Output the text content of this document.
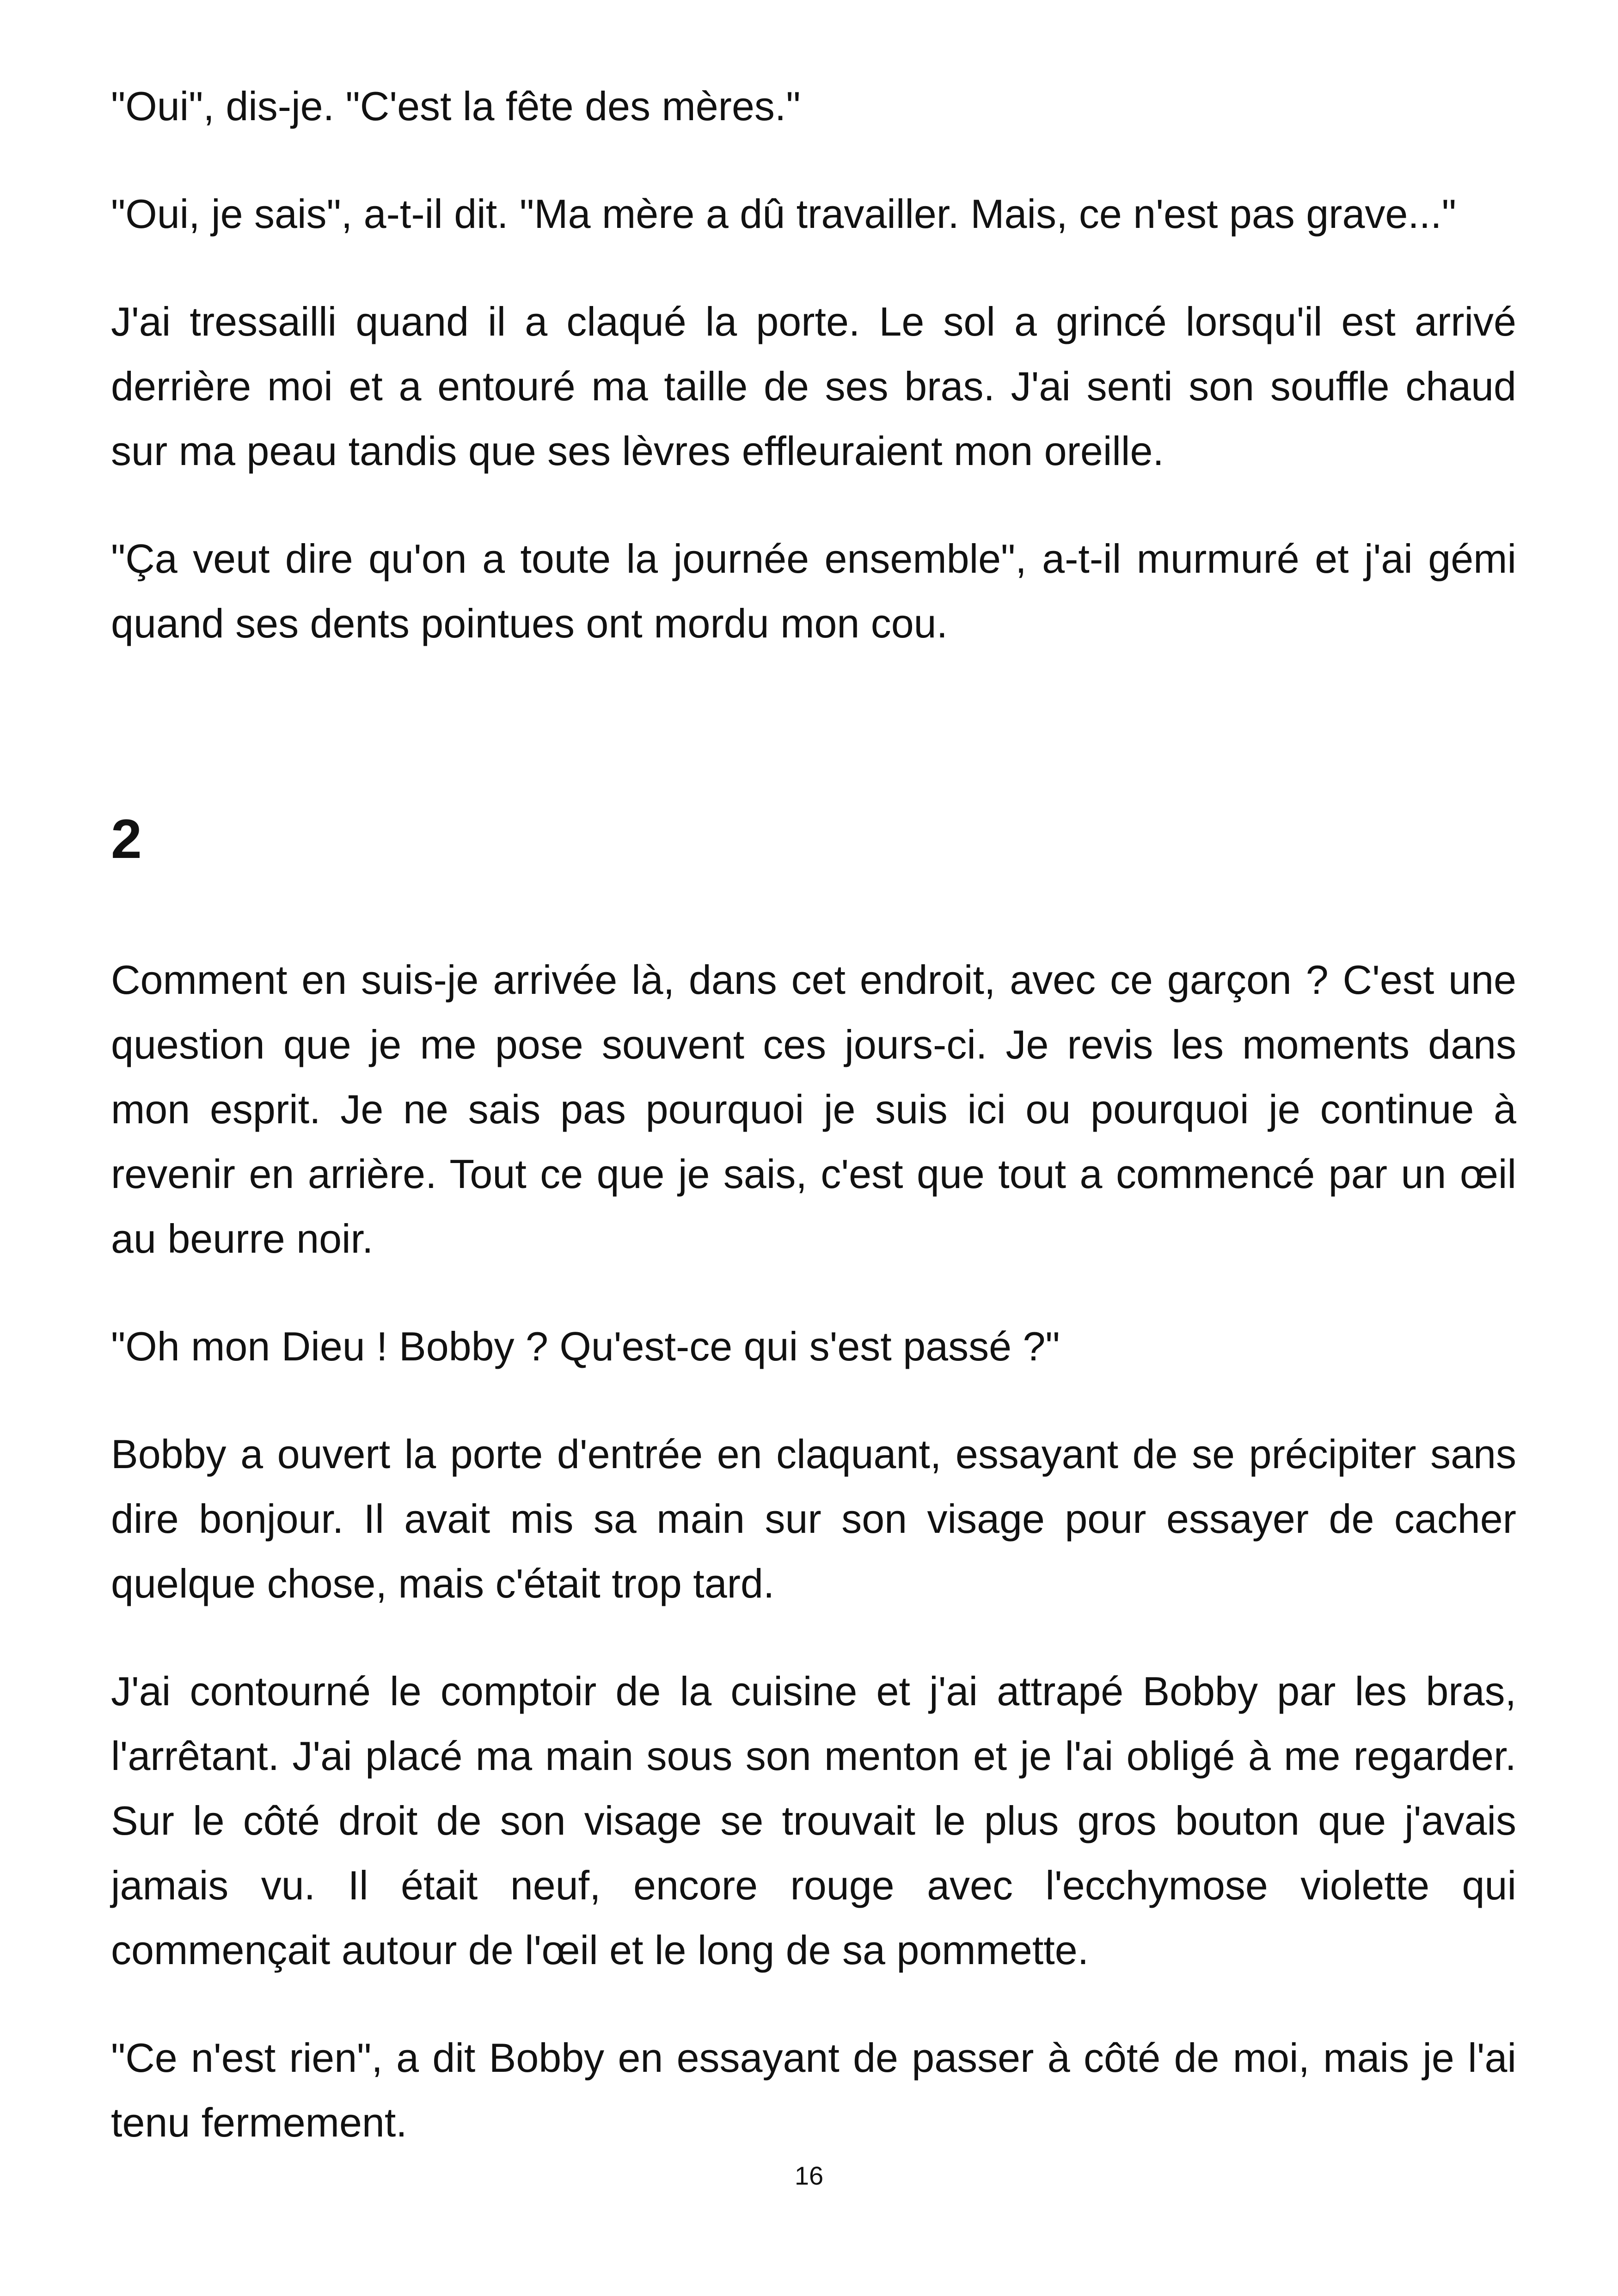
"Oui", dis-je. "C'est la fête des mères."

"Oui, je sais", a-t-il dit. "Ma mère a dû travailler. Mais, ce n'est pas grave..."

J'ai tressailli quand il a claqué la porte. Le sol a grincé lorsqu'il est arrivé derrière moi et a entouré ma taille de ses bras. J'ai senti son souffle chaud sur ma peau tandis que ses lèvres effleuraient mon oreille.

"Ça veut dire qu'on a toute la journée ensemble", a-t-il murmuré et j'ai gémi quand ses dents pointues ont mordu mon cou.

2

Comment en suis-je arrivée là, dans cet endroit, avec ce garçon ? C'est une question que je me pose souvent ces jours-ci. Je revis les moments dans mon esprit. Je ne sais pas pourquoi je suis ici ou pourquoi je continue à revenir en arrière. Tout ce que je sais, c'est que tout a commencé par un œil au beurre noir.

"Oh mon Dieu ! Bobby ? Qu'est-ce qui s'est passé ?"

Bobby a ouvert la porte d'entrée en claquant, essayant de se précipiter sans dire bonjour. Il avait mis sa main sur son visage pour essayer de cacher quelque chose, mais c'était trop tard.

J'ai contourné le comptoir de la cuisine et j'ai attrapé Bobby par les bras, l'arrêtant. J'ai placé ma main sous son menton et je l'ai obligé à me regarder. Sur le côté droit de son visage se trouvait le plus gros bouton que j'avais jamais vu. Il était neuf, encore rouge avec l'ecchymose violette qui commençait autour de l'œil et le long de sa pommette.

"Ce n'est rien", a dit Bobby en essayant de passer à côté de moi, mais je l'ai tenu fermement.

16
